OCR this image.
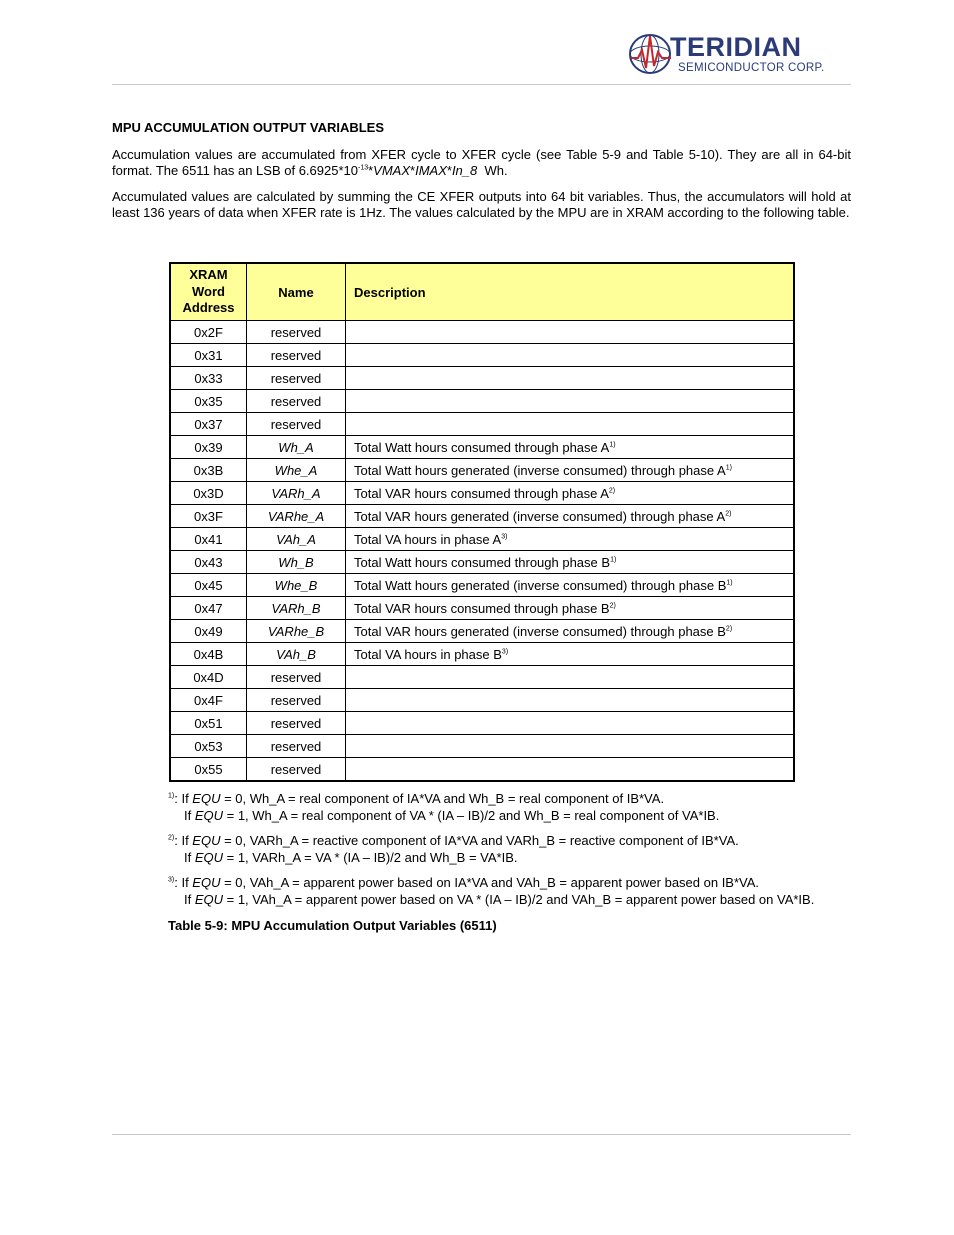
TERIDIAN
SEMICONDUCTOR CORP.
MPU ACCUMULATION OUTPUT VARIABLES

Accumulation values are accumulated from XFER cycle to XFER cycle (see Table 5-9 and Table 5-10). They are all in 64-bit format. The 6511 has an LSB of $6.6925*10^{-13}*VMAX*IMAX*In\_8$  Wh.

Accumulated values are calculated by summing the CE XFER outputs into 64 bit variables. Thus, the accumulators will hold at least 136 years of data when XFER rate is 1Hz. The values calculated by the MPU are in XRAM according to the following table.

XRAM Word Address	Name	Description
0x2F	reserved	
0x31	reserved	
0x33	reserved	
0x35	reserved	
0x37	reserved	
0x39	Wh_A	Total Watt hours consumed through phase $A^{1)}$
0x3B	Whe_A	Total Watt hours generated (inverse consumed) through phase $A^{1)}$
0x3D	VARh_A	Total VAR hours consumed through phase $A^{2)}$
0x3F	VARhe_A	Total VAR hours generated (inverse consumed) through phase $A^{2)}$
0x41	VAh_A	Total VA hours in phase $A^{3)}$
0x43	Wh_B	Total Watt hours consumed through phase $B^{1)}$
0x45	Whe_B	Total Watt hours generated (inverse consumed) through phase $B^{1)}$
0x47	VARh_B	Total VAR hours consumed through phase $B^{2)}$
0x49	VARhe_B	Total VAR hours generated (inverse consumed) through phase $B^{2)}$
0x4B	VAh_B	Total VA hours in phase $B^{3)}$
0x4D	reserved	
0x4F	reserved	
0x51	reserved	
0x53	reserved	
0x55	reserved	
$^{1)}$: If EQU = 0, Wh_A = real component of IA*VA and Wh_B = real component of IB*VA.
If EQU = 1, Wh_A = real component of VA * (IA – IB)/2 and Wh_B = real component of VA*IB.
$^{2)}$: If EQU = 0, VARh_A = reactive component of IA*VA and VARh_B = reactive component of IB*VA.
If EQU = 1, VARh_A = VA * (IA – IB)/2 and Wh_B = VA*IB.
$^{3)}$: If EQU = 0, VAh_A = apparent power based on IA*VA and VAh_B = apparent power based on IB*VA.
If EQU = 1, VAh_A = apparent power based on VA * (IA – IB)/2 and VAh_B = apparent power based on VA*IB.
Table 5-9: MPU Accumulation Output Variables (6511)
